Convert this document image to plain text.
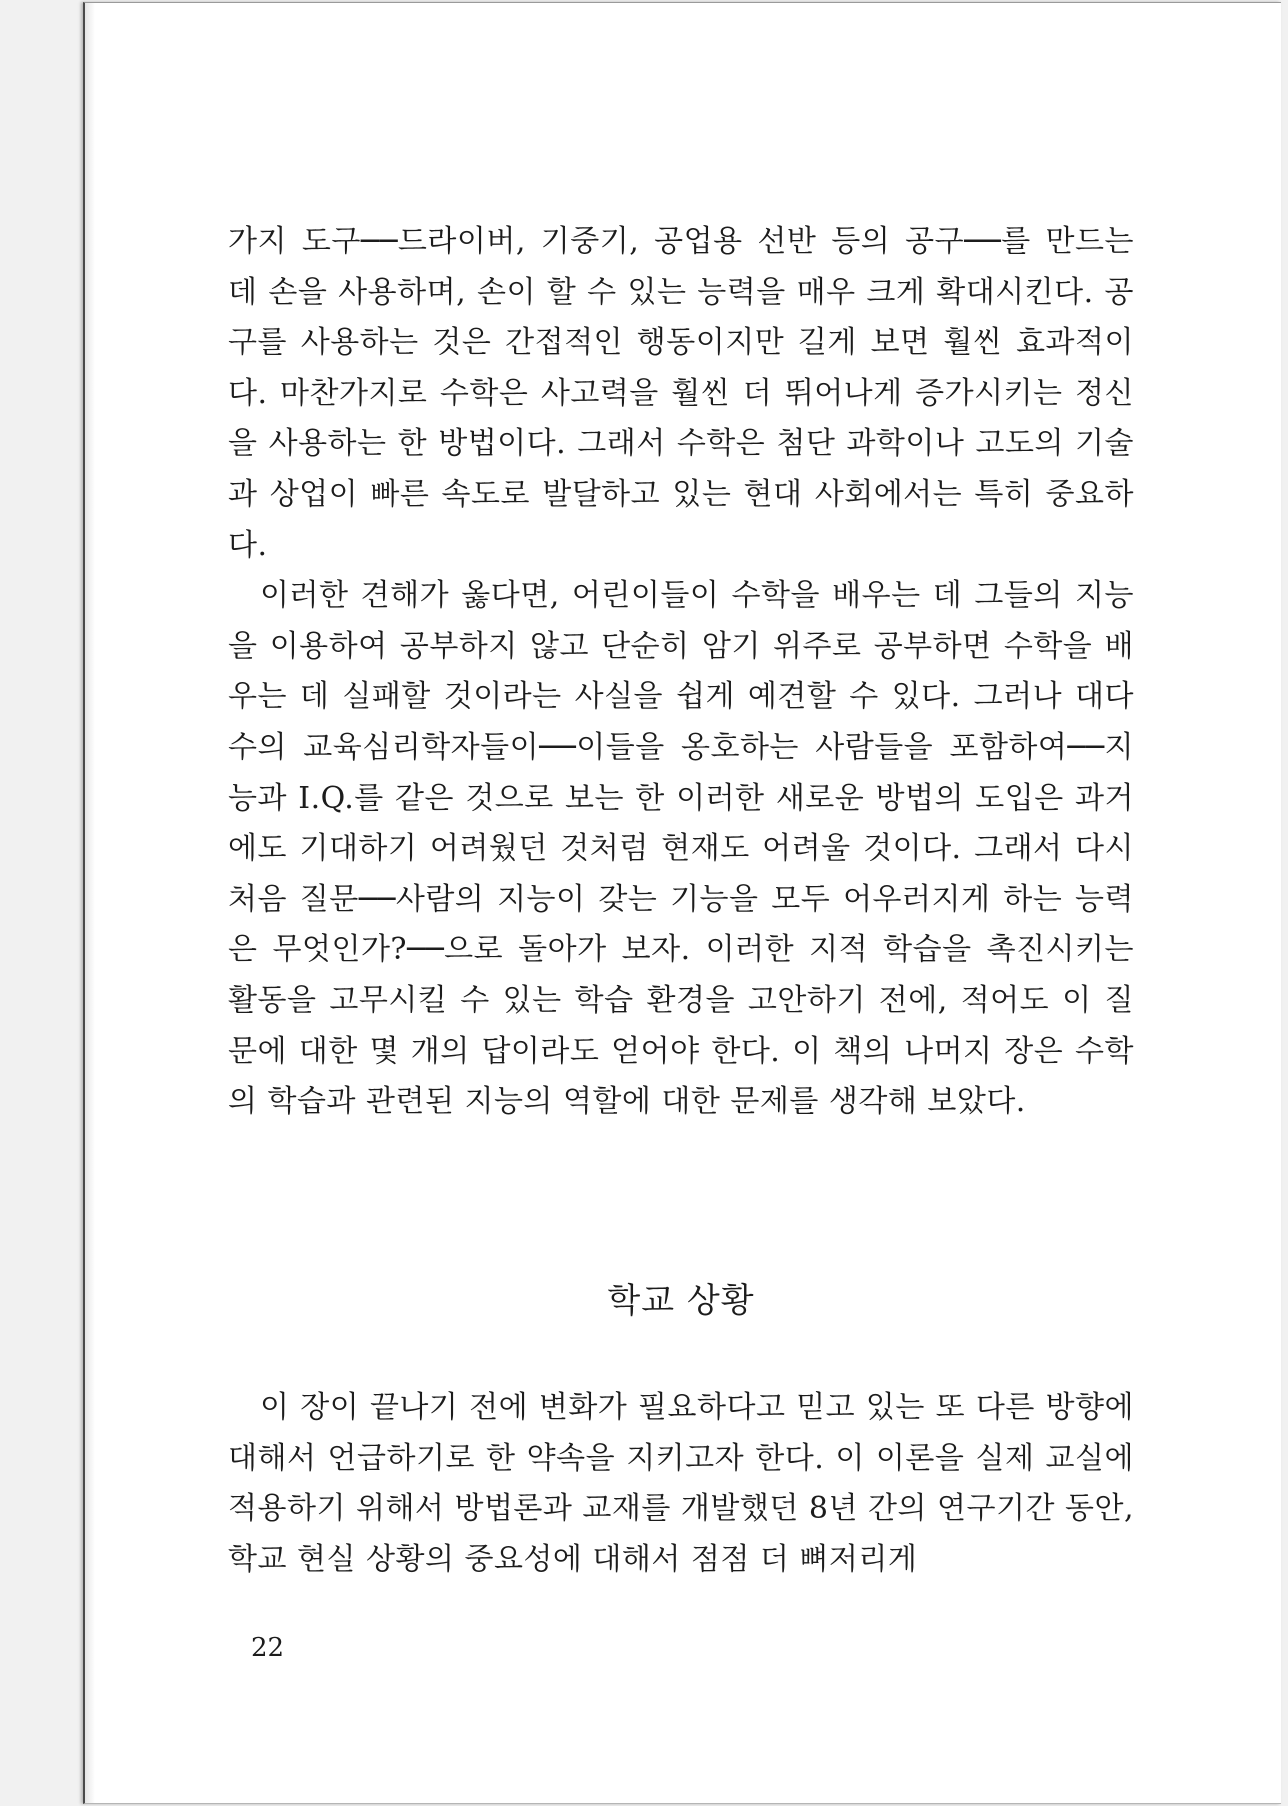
가지 도구──드라이버, 기중기, 공업용 선반 등의 공구──를 만드는 데 손을 사용하며, 손이 할 수 있는 능력을 매우 크게 확대시킨다. 공구를 사용하는 것은 간접적인 행동이지만 길게 보면 훨씬 효과적이다. 마찬가지로 수학은 사고력을 훨씬 더 뛰어나게 증가시키는 정신을 사용하는 한 방법이다. 그래서 수학은 첨단 과학이나 고도의 기술과 상업이 빠른 속도로 발달하고 있는 현대 사회에서는 특히 중요하다.

이러한 견해가 옳다면, 어린이들이 수학을 배우는 데 그들의 지능을 이용하여 공부하지 않고 단순히 암기 위주로 공부하면 수학을 배우는 데 실패할 것이라는 사실을 쉽게 예견할 수 있다. 그러나 대다수의 교육심리학자들이──이들을 옹호하는 사람들을 포함하여──지능과 I.Q.를 같은 것으로 보는 한 이러한 새로운 방법의 도입은 과거에도 기대하기 어려웠던 것처럼 현재도 어려울 것이다. 그래서 다시 처음 질문──사람의 지능이 갖는 기능을 모두 어우러지게 하는 능력은 무엇인가?──으로 돌아가 보자. 이러한 지적 학습을 촉진시키는 활동을 고무시킬 수 있는 학습 환경을 고안하기 전에, 적어도 이 질문에 대한 몇 개의 답이라도 얻어야 한다. 이 책의 나머지 장은 수학의 학습과 관련된 지능의 역할에 대한 문제를 생각해 보았다.

학교 상황

이 장이 끝나기 전에 변화가 필요하다고 믿고 있는 또 다른 방향에 대해서 언급하기로 한 약속을 지키고자 한다. 이 이론을 실제 교실에 적용하기 위해서 방법론과 교재를 개발했던 8년 간의 연구기간 동안, 학교 현실 상황의 중요성에 대해서 점점 더 뼈저리게

22
